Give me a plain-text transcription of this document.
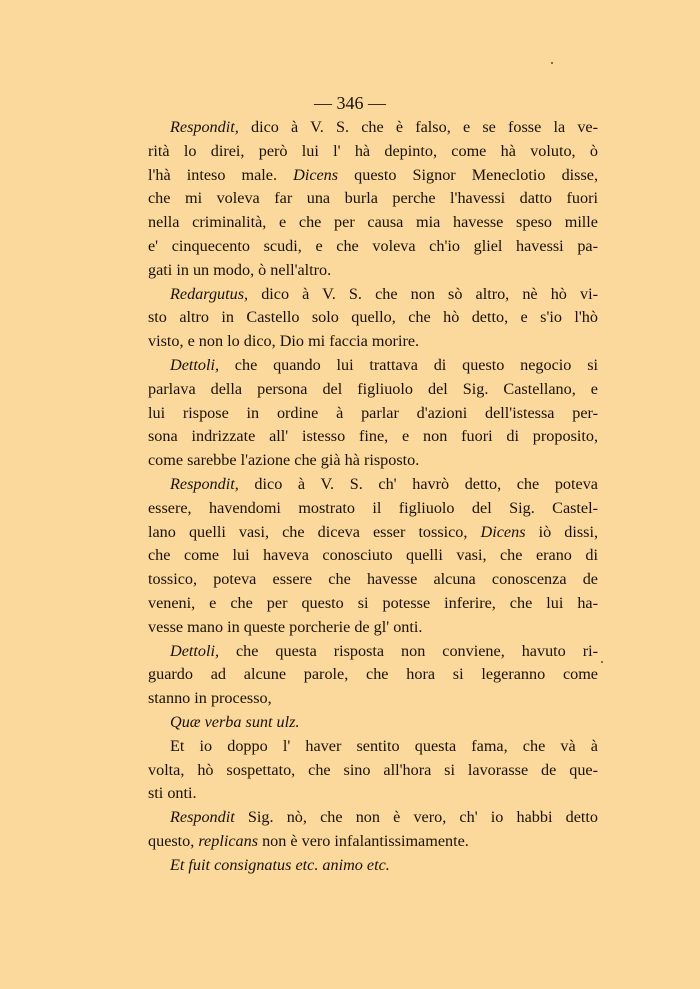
— 346 —
Respondit, dico à V. S. che è falso, e se fosse la ve-
rità lo direi, però lui l' hà depinto, come hà voluto, ò
l'hà inteso male. Dicens questo Signor Meneclotio disse,
che mi voleva far una burla perche l'havessi datto fuori
nella criminalità, e che per causa mia havesse speso mille
e' cinquecento scudi, e che voleva ch'io gliel havessi pa-
gati in un modo, ò nell'altro.
Redargutus, dico à V. S. che non sò altro, nè hò vi-
sto altro in Castello solo quello, che hò detto, e s'io l'hò
visto, e non lo dico, Dio mi faccia morire.
Dettoli, che quando lui trattava di questo negocio si
parlava della persona del figliuolo del Sig. Castellano, e
lui rispose in ordine à parlar d'azioni dell'istessa per-
sona indrizzate all' istesso fine, e non fuori di proposito,
come sarebbe l'azione che già hà risposto.
Respondit, dico à V. S. ch' havrò detto, che poteva
essere, havendomi mostrato il figliuolo del Sig. Castel-
lano quelli vasi, che diceva esser tossico, Dicens iò dissi,
che come lui haveva conosciuto quelli vasi, che erano di
tossico, poteva essere che havesse alcuna conoscenza de
veneni, e che per questo si potesse inferire, che lui ha-
vesse mano in queste porcherie de gl' onti.
Dettoli, che questa risposta non conviene, havuto ri-
guardo ad alcune parole, che hora si legeranno come
stanno in processo,
Quæ verba sunt ulz.
Et io doppo l' haver sentito questa fama, che và à
volta, hò sospettato, che sino all'hora si lavorasse de que-
sti onti.
Respondit Sig. nò, che non è vero, ch' io habbi detto
questo, replicans non è vero infalantissimamente.
Et fuit consignatus etc. animo etc.
